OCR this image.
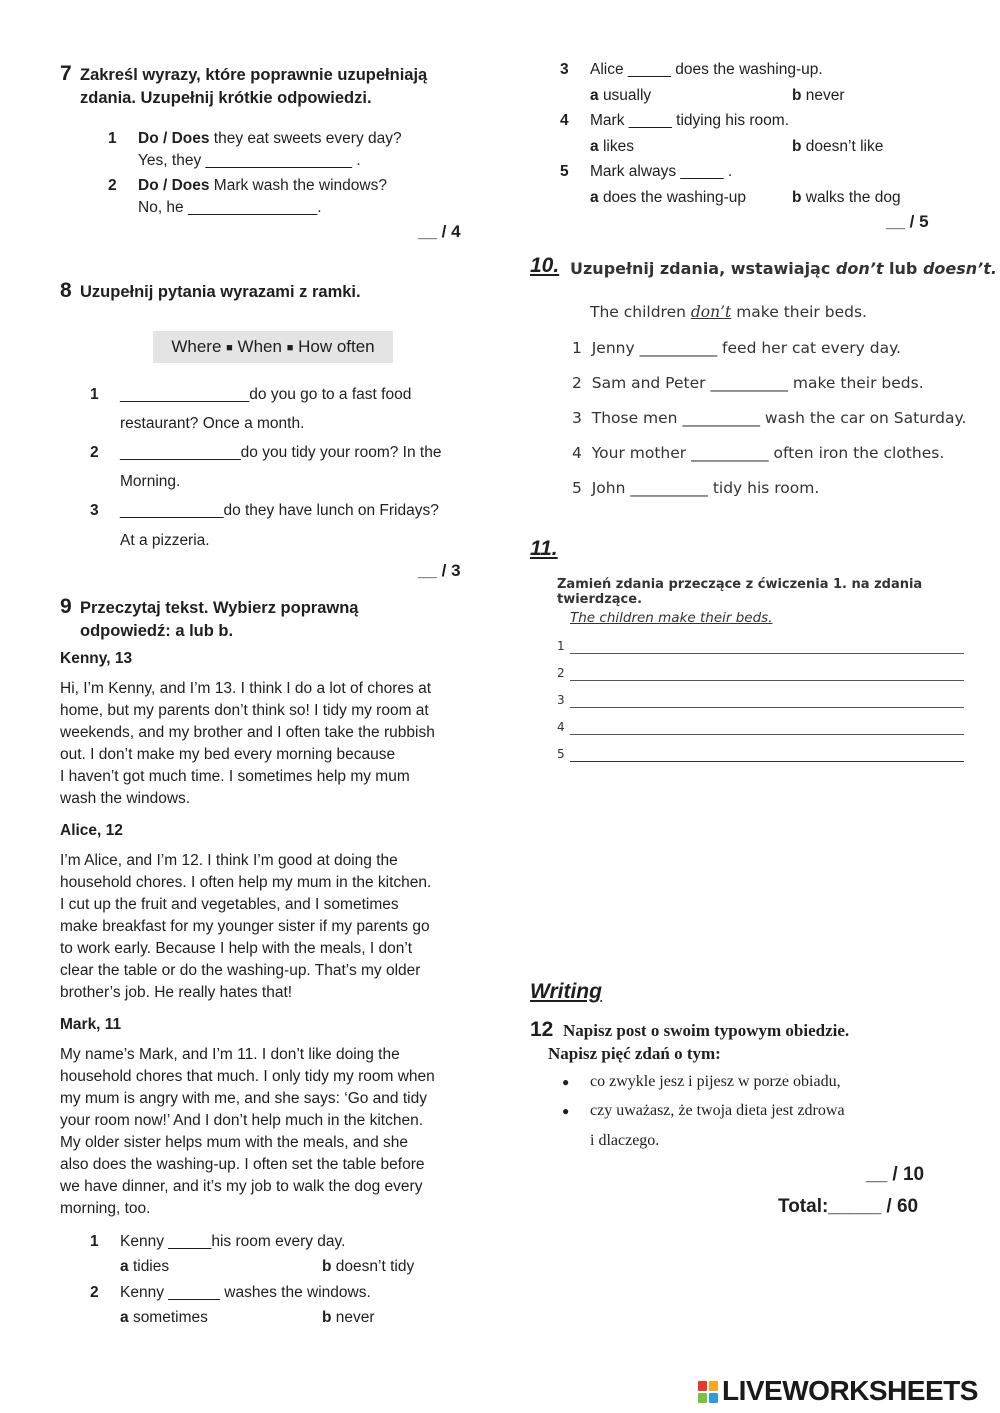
7 Zakreśl wyrazy, które poprawnie uzupełniają
zdania. Uzupełnij krótkie odpowiedzi.
1 Do / Does they eat sweets every day?
Yes, they _________________ .
2 Do / Does Mark wash the windows?
No, he _______________.
__ / 4
8 Uzupełnij pytania wyrazami z ramki.
Where ■ When ■ How often
1 _______________do you go to a fast food
restaurant? Once a month.
2 ______________do you tidy your room? In the
Morning.
3 ____________do they have lunch on Fridays?
At a pizzeria.
__ / 3
9 Przeczytaj tekst. Wybierz poprawną
odpowiedź: a lub b.
Kenny, 13
Hi, I’m Kenny, and I’m 13. I think I do a lot of chores at
home, but my parents don’t think so! I tidy my room at
weekends, and my brother and I often take the rubbish
out. I don’t make my bed every morning because
I haven’t got much time. I sometimes help my mum
wash the windows.
Alice, 12
I’m Alice, and I’m 12. I think I’m good at doing the
household chores. I often help my mum in the kitchen.
I cut up the fruit and vegetables, and I sometimes
make breakfast for my younger sister if my parents go
to work early. Because I help with the meals, I don’t
clear the table or do the washing-up. That’s my older
brother’s job. He really hates that!
Mark, 11
My name’s Mark, and I’m 11. I don’t like doing the
household chores that much. I only tidy my room when
my mum is angry with me, and she says: ‘Go and tidy
your room now!’ And I don’t help much in the kitchen.
My older sister helps mum with the meals, and she
also does the washing-up. I often set the table before
we have dinner, and it’s my job to walk the dog every
morning, too.
1 Kenny _____his room every day.
a tidies	b doesn’t tidy
2 Kenny ______ washes the windows.
a sometimes	b never
3 Alice _____ does the washing-up.
a usually	b never
4 Mark _____ tidying his room.
a likes	b doesn’t like
5 Mark always _____ .
a does the washing-up	b walks the dog
__ / 5
10. Uzupełnij zdania, wstawiając don’t lub doesn’t.
The children don’t make their beds.
1 Jenny __________ feed her cat every day.
2 Sam and Peter __________ make their beds.
3 Those men __________ wash the car on Saturday.
4 Your mother __________ often iron the clothes.
5 John __________ tidy his room.
11.
Zamień zdania przeczące z ćwiczenia 1. na zdania twierdzące.
The children make their beds.
1
2
3
4
5
Writing
12 Napisz post o swoim typowym obiedzie.
Napisz pięć zdań o tym:
● co zwykle jesz i pijesz w porze obiadu,
● czy uważasz, że twoja dieta jest zdrowa
i dlaczego.
__ / 10
Total:_____ / 60
LIVEWORKSHEETS
